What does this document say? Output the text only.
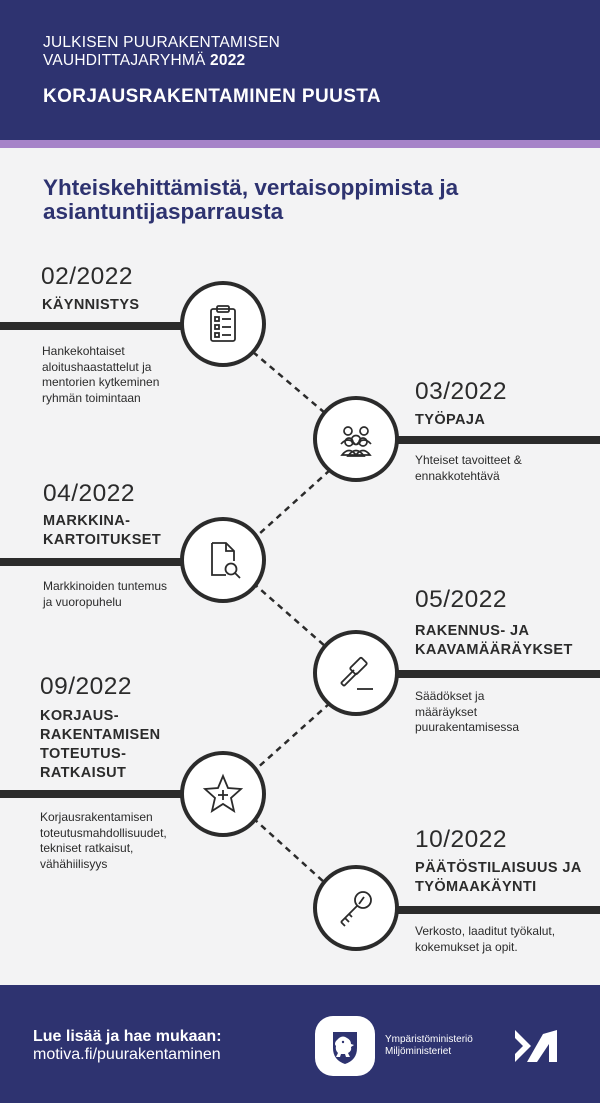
JULKISEN PUURAKENTAMISEN
VAUHDITTAJARYHMÄ 2022
KORJAUSRAKENTAMINEN PUUSTA
Yhteiskehittämistä, vertaisoppimista ja
asiantuntijasparrausta
02/2022
KÄYNNISTYS
Hankekohtaiset
aloitushaastattelut ja
mentorien kytkeminen
ryhmän toimintaan	03/2022
TYÖPAJA
Yhteiset tavoitteet &
ennakkotehtävä
04/2022
MARKKINA-
KARTOITUKSET
Markkinoiden tuntemus
ja vuoropuhelu	05/2022
RAKENNUS- JA
KAAVAMÄÄRÄYKSET
Säädökset ja
määräykset
puurakentamisessa
09/2022
KORJAUS-
RAKENTAMISEN
TOTEUTUS-
RATKAISUT
Korjausrakentamisen
toteutusmahdollisuudet,
tekniset ratkaisut,
vähähiilisyys
10/2022
PÄÄTÖSTILAISUUS JA
TYÖMAAKÄYNTI
Verkosto, laaditut työkalut,
kokemukset ja opit.
Lue lisää ja hae mukaan:
motiva.fi/puurakentaminen
Ympäristöministeriö
Miljöministeriet
